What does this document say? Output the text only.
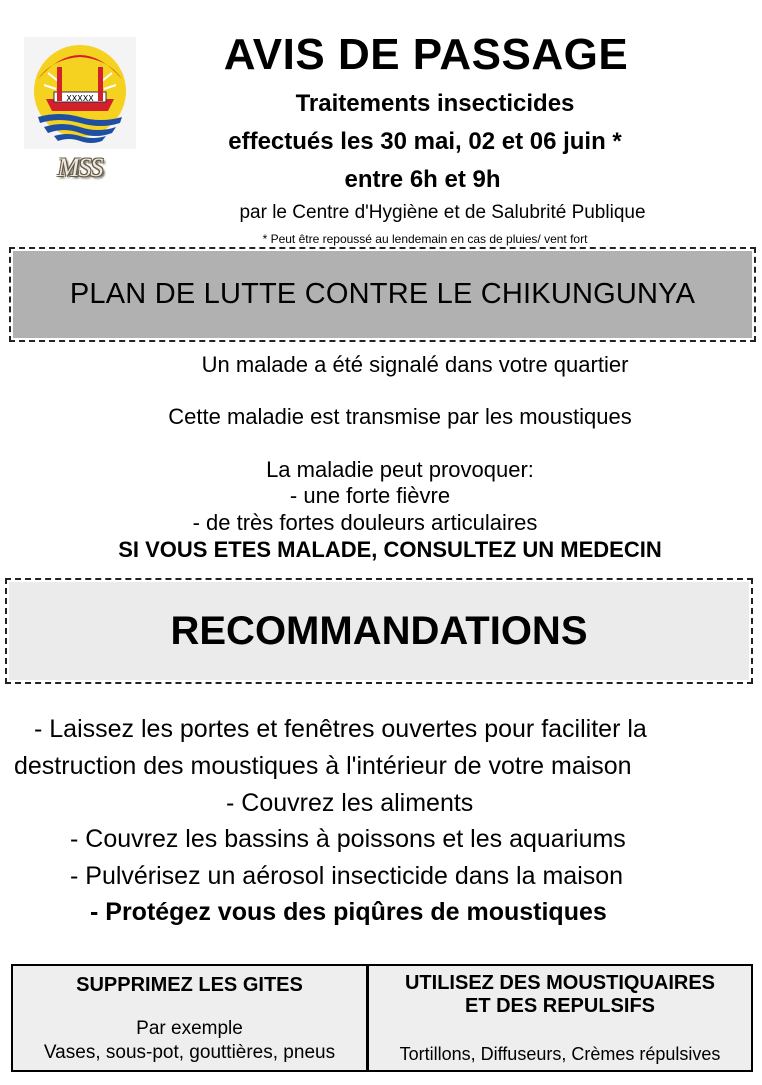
XXXXX
MSS
AVIS DE PASSAGE
Traitements insecticides
effectués les 30 mai, 02 et 06 juin *
entre 6h et 9h
par le Centre d'Hygiène et de Salubrité Publique
* Peut être repoussé au lendemain en cas de pluies/ vent fort
PLAN DE LUTTE CONTRE LE CHIKUNGUNYA
Un malade a été signalé dans votre quartier
Cette maladie est transmise par les moustiques
La maladie peut provoquer:
- une forte fièvre
- de très fortes douleurs articulaires
SI VOUS ETES MALADE, CONSULTEZ UN MEDECIN
RECOMMANDATIONS
- Laissez les portes et fenêtres ouvertes pour faciliter la
destruction des moustiques à l'intérieur de votre maison
- Couvrez les aliments
- Couvrez les bassins à poissons et les aquariums
- Pulvérisez un aérosol insecticide dans la maison
- Protégez vous des piqûres de moustiques
SUPPRIMEZ LES GITES
Par exemple
Vases, sous-pot, gouttières, pneus
UTILISEZ DES MOUSTIQUAIRES
ET DES REPULSIFS
Tortillons, Diffuseurs, Crèmes répulsives
